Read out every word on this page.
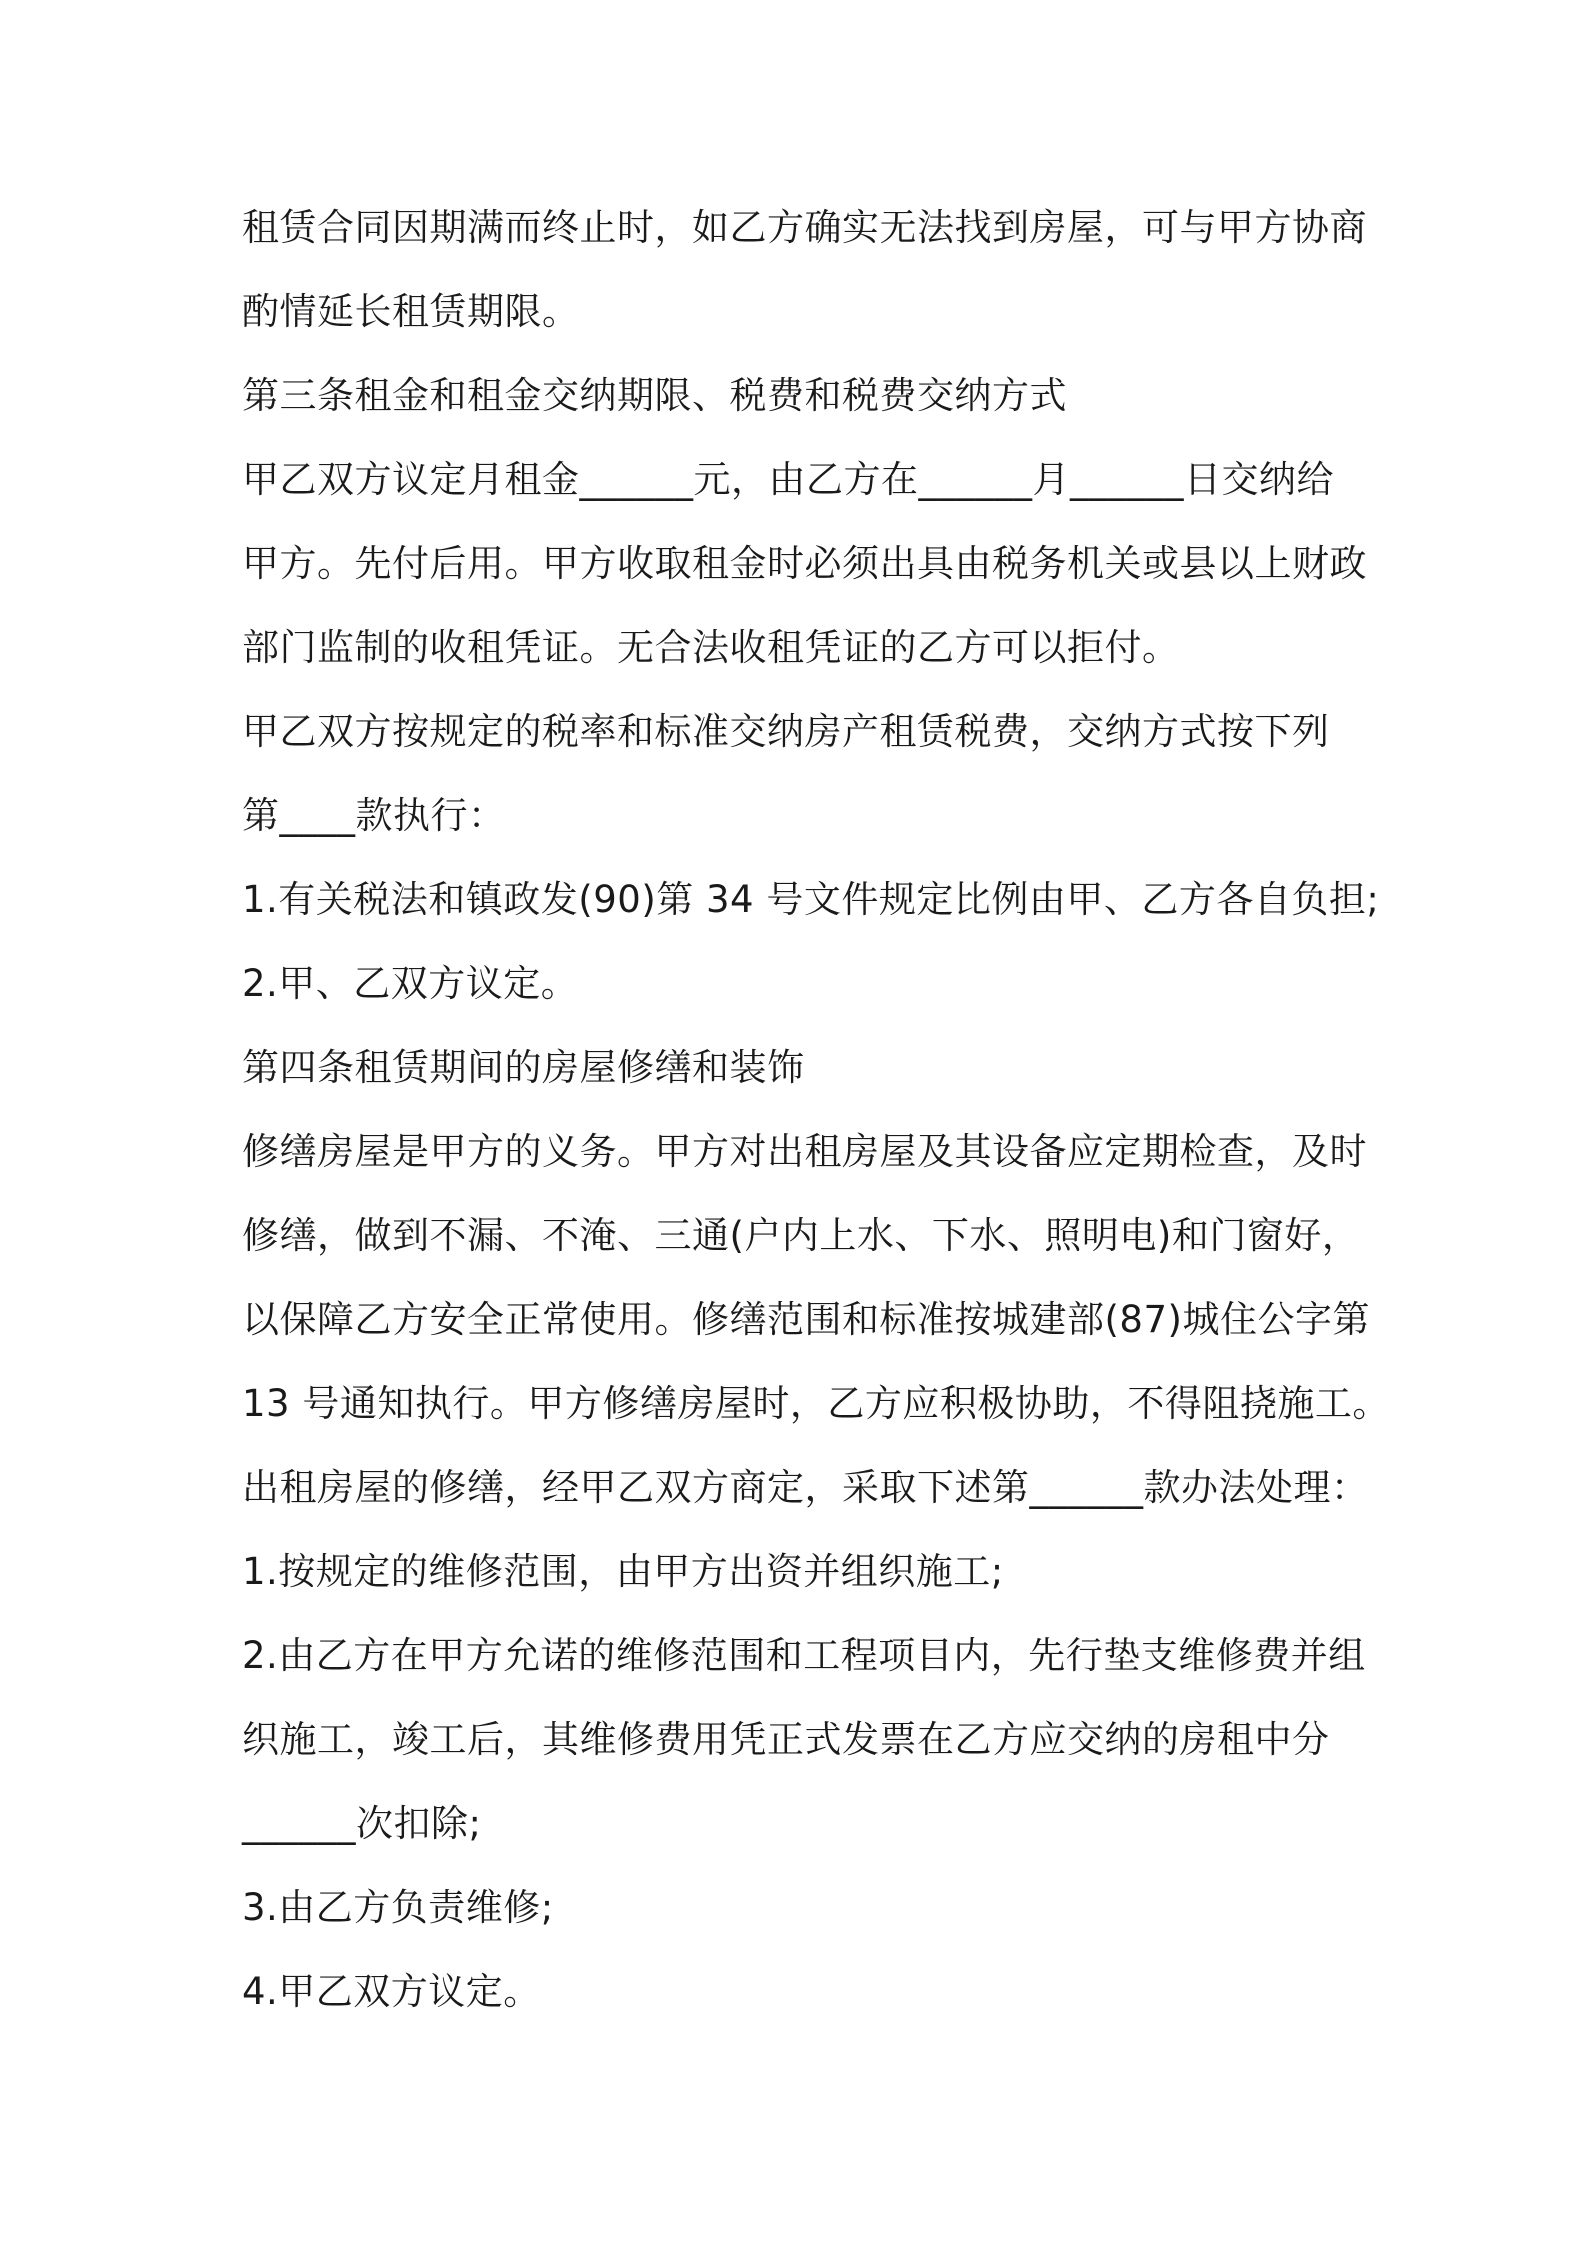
租赁合同因期满而终止时，如乙方确实无法找到房屋，可与甲方协商
酌情延长租赁期限。
第三条租金和租金交纳期限、税费和税费交纳方式
甲乙双方议定月租金______元，由乙方在______月______日交纳给
甲方。先付后用。甲方收取租金时必须出具由税务机关或县以上财政
部门监制的收租凭证。无合法收租凭证的乙方可以拒付。
甲乙双方按规定的税率和标准交纳房产租赁税费，交纳方式按下列
第____款执行：
1.有关税法和镇政发(90)第 34 号文件规定比例由甲、乙方各自负担;
2.甲、乙双方议定。
第四条租赁期间的房屋修缮和装饰
修缮房屋是甲方的义务。甲方对出租房屋及其设备应定期检查，及时
修缮，做到不漏、不淹、三通(户内上水、下水、照明电)和门窗好，
以保障乙方安全正常使用。修缮范围和标准按城建部(87)城住公字第
13 号通知执行。甲方修缮房屋时，乙方应积极协助，不得阻挠施工。
出租房屋的修缮，经甲乙双方商定，采取下述第______款办法处理：
1.按规定的维修范围，由甲方出资并组织施工;
2.由乙方在甲方允诺的维修范围和工程项目内，先行垫支维修费并组
织施工，竣工后，其维修费用凭正式发票在乙方应交纳的房租中分
______次扣除;
3.由乙方负责维修;
4.甲乙双方议定。
